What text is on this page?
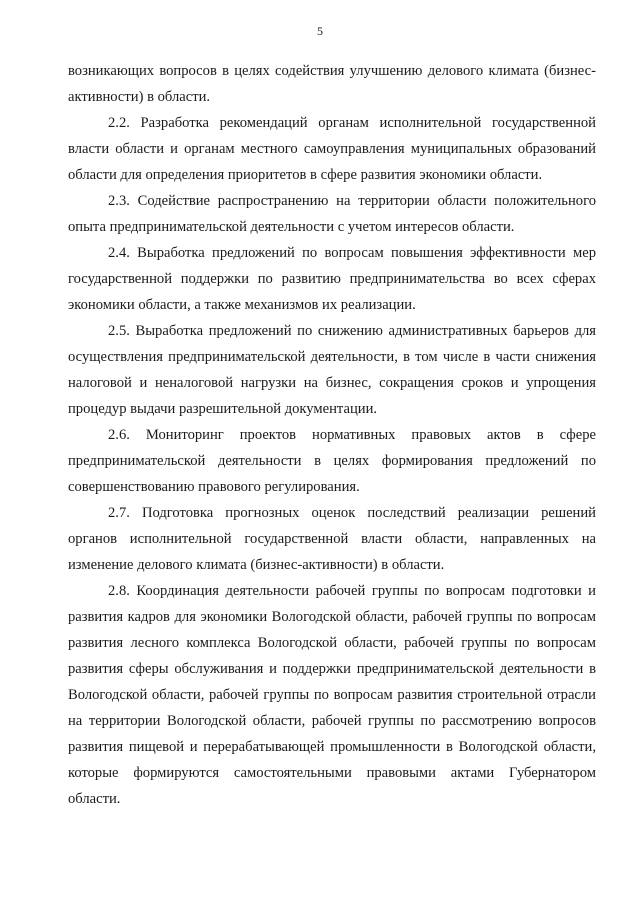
5

возникающих вопросов в целях содействия улучшению делового климата (бизнес-активности) в области.

2.2. Разработка рекомендаций органам исполнительной государственной власти области и органам местного самоуправления муниципальных образований области для определения приоритетов в сфере развития экономики области.

2.3. Содействие распространению на территории области положительного опыта предпринимательской деятельности с учетом интересов области.

2.4. Выработка предложений по вопросам повышения эффективности мер государственной поддержки по развитию предпринимательства во всех сферах экономики области, а также механизмов их реализации.

2.5. Выработка предложений по снижению административных барьеров для осуществления предпринимательской деятельности, в том числе в части снижения налоговой и неналоговой нагрузки на бизнес, сокращения сроков и упрощения процедур выдачи разрешительной документации.

2.6. Мониторинг проектов нормативных правовых актов в сфере предпринимательской деятельности в целях формирования предложений по совершенствованию правового регулирования.

2.7. Подготовка прогнозных оценок последствий реализации решений органов исполнительной государственной власти области, направленных на изменение делового климата (бизнес-активности) в области.

2.8. Координация деятельности рабочей группы по вопросам подготовки и развития кадров для экономики Вологодской области, рабочей группы по вопросам развития лесного комплекса Вологодской области, рабочей группы по вопросам развития сферы обслуживания и поддержки предпринимательской деятельности в Вологодской области, рабочей группы по вопросам развития строительной отрасли на территории Вологодской области, рабочей группы по рассмотрению вопросов развития пищевой и перерабатывающей промышленности в Вологодской области, которые формируются самостоятельными правовыми актами Губернатором области.
